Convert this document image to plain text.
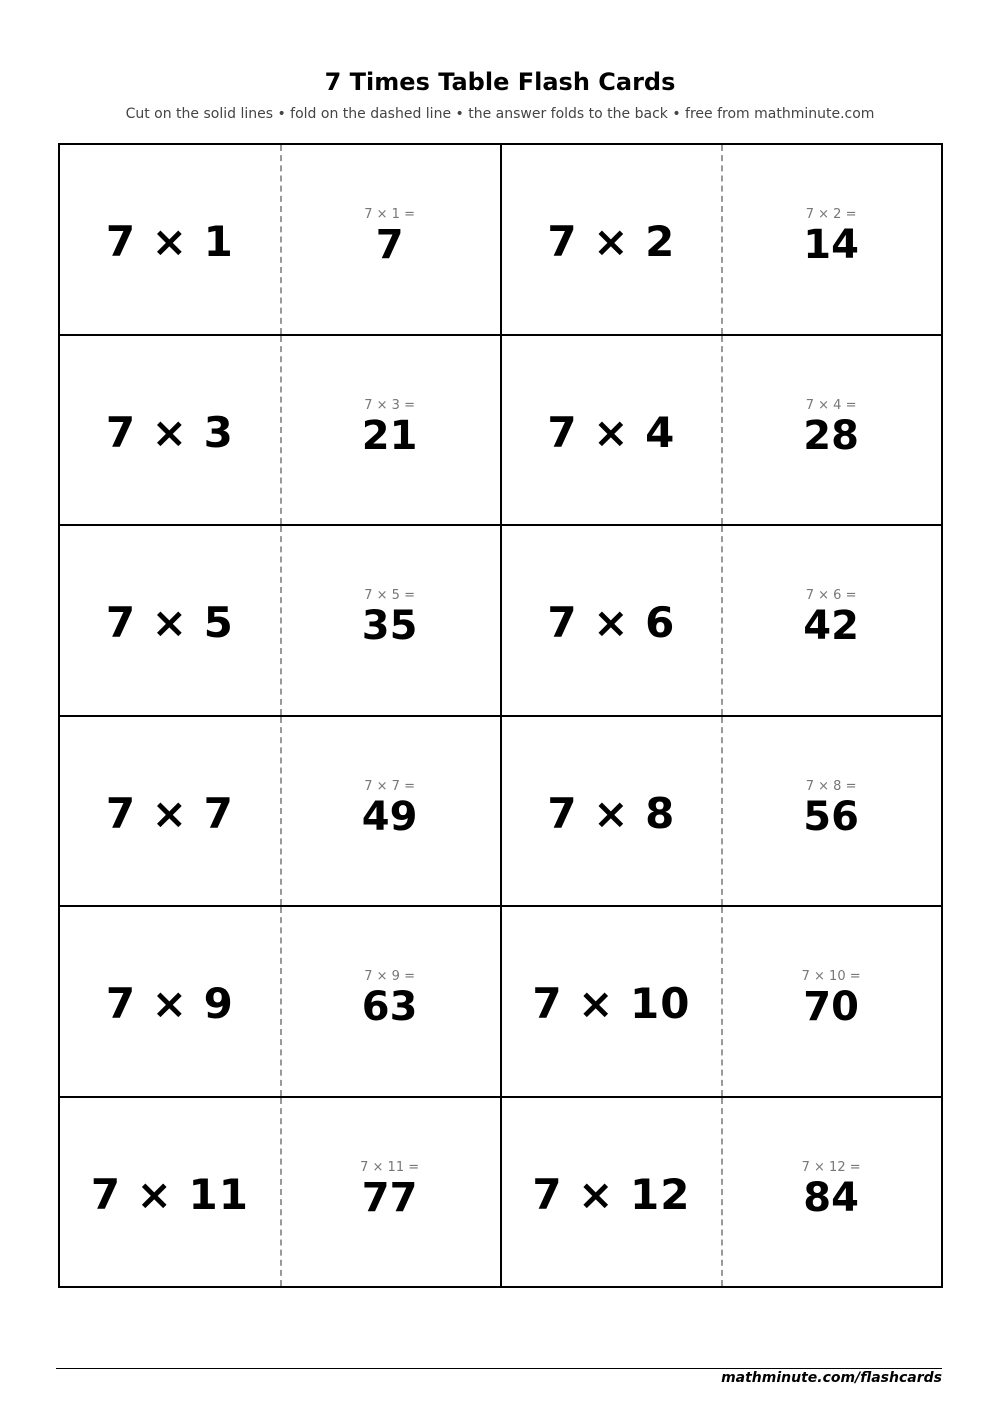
7 Times Table Flash Cards
Cut on the solid lines • fold on the dashed line • the answer folds to the back • free from mathminute.com
7 × 1
7 × 1 =
7	7 × 2
7 × 2 =
14
7 × 3
7 × 3 =
21	7 × 4
7 × 4 =
28
7 × 5
7 × 5 =
35	7 × 6
7 × 6 =
42
7 × 7
7 × 7 =
49	7 × 8
7 × 8 =
56
7 × 9
7 × 9 =
63	7 × 10
7 × 10 =
70
7 × 11
7 × 11 =
77	7 × 12
7 × 12 =
84
mathminute.com/flashcards
